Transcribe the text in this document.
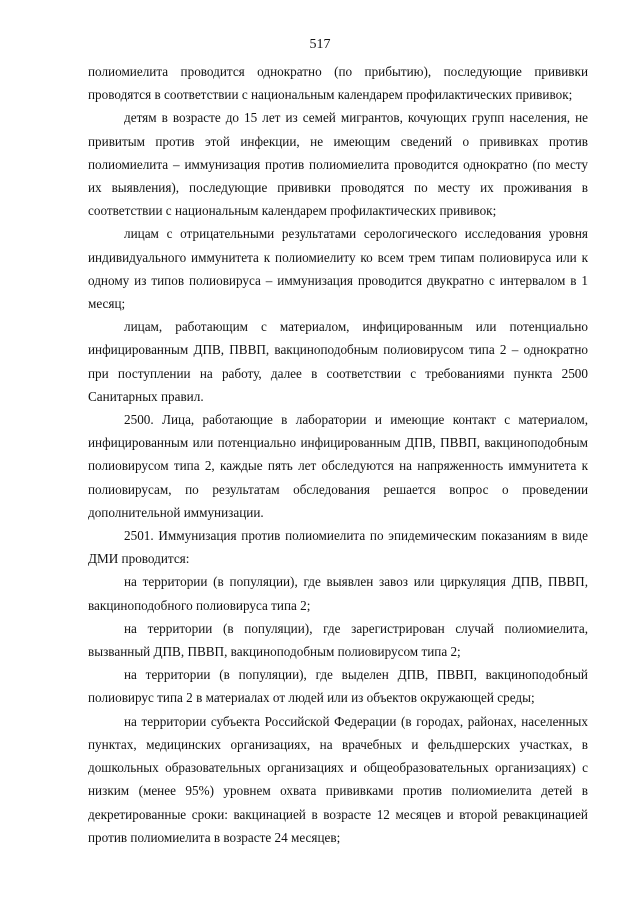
517

полиомиелита проводится однократно (по прибытию), последующие прививки проводятся в соответствии с национальным календарем профилактических прививок;

детям в возрасте до 15 лет из семей мигрантов, кочующих групп населения, не привитым против этой инфекции, не имеющим сведений о прививках против полиомиелита – иммунизация против полиомиелита проводится однократно (по месту их выявления), последующие прививки проводятся по месту их проживания в соответствии с национальным календарем профилактических прививок;

лицам с отрицательными результатами серологического исследования уровня индивидуального иммунитета к полиомиелиту ко всем трем типам полиовируса или к одному из типов полиовируса – иммунизация проводится двукратно с интервалом в 1 месяц;

лицам, работающим с материалом, инфицированным или потенциально инфицированным ДПВ, ПВВП, вакциноподобным полиовирусом типа 2 – однократно при поступлении на работу, далее в соответствии с требованиями пункта 2500 Санитарных правил.

2500. Лица, работающие в лаборатории и имеющие контакт с материалом, инфицированным или потенциально инфицированным ДПВ, ПВВП, вакциноподобным полиовирусом типа 2, каждые пять лет обследуются на напряженность иммунитета к полиовирусам, по результатам обследования решается вопрос о проведении дополнительной иммунизации.

2501. Иммунизация против полиомиелита по эпидемическим показаниям в виде ДМИ проводится:

на территории (в популяции), где выявлен завоз или циркуляция ДПВ, ПВВП, вакциноподобного полиовируса типа 2;

на территории (в популяции), где зарегистрирован случай полиомиелита, вызванный ДПВ, ПВВП, вакциноподобным полиовирусом типа 2;

на территории (в популяции), где выделен ДПВ, ПВВП, вакциноподобный полиовирус типа 2 в материалах от людей или из объектов окружающей среды;

на территории субъекта Российской Федерации (в городах, районах, населенных пунктах, медицинских организациях, на врачебных и фельдшерских участках, в дошкольных образовательных организациях и общеобразовательных организациях) с низким (менее 95%) уровнем охвата прививками против полиомиелита детей в декретированные сроки: вакцинацией в возрасте 12 месяцев и второй ревакцинацией против полиомиелита в возрасте 24 месяцев;
